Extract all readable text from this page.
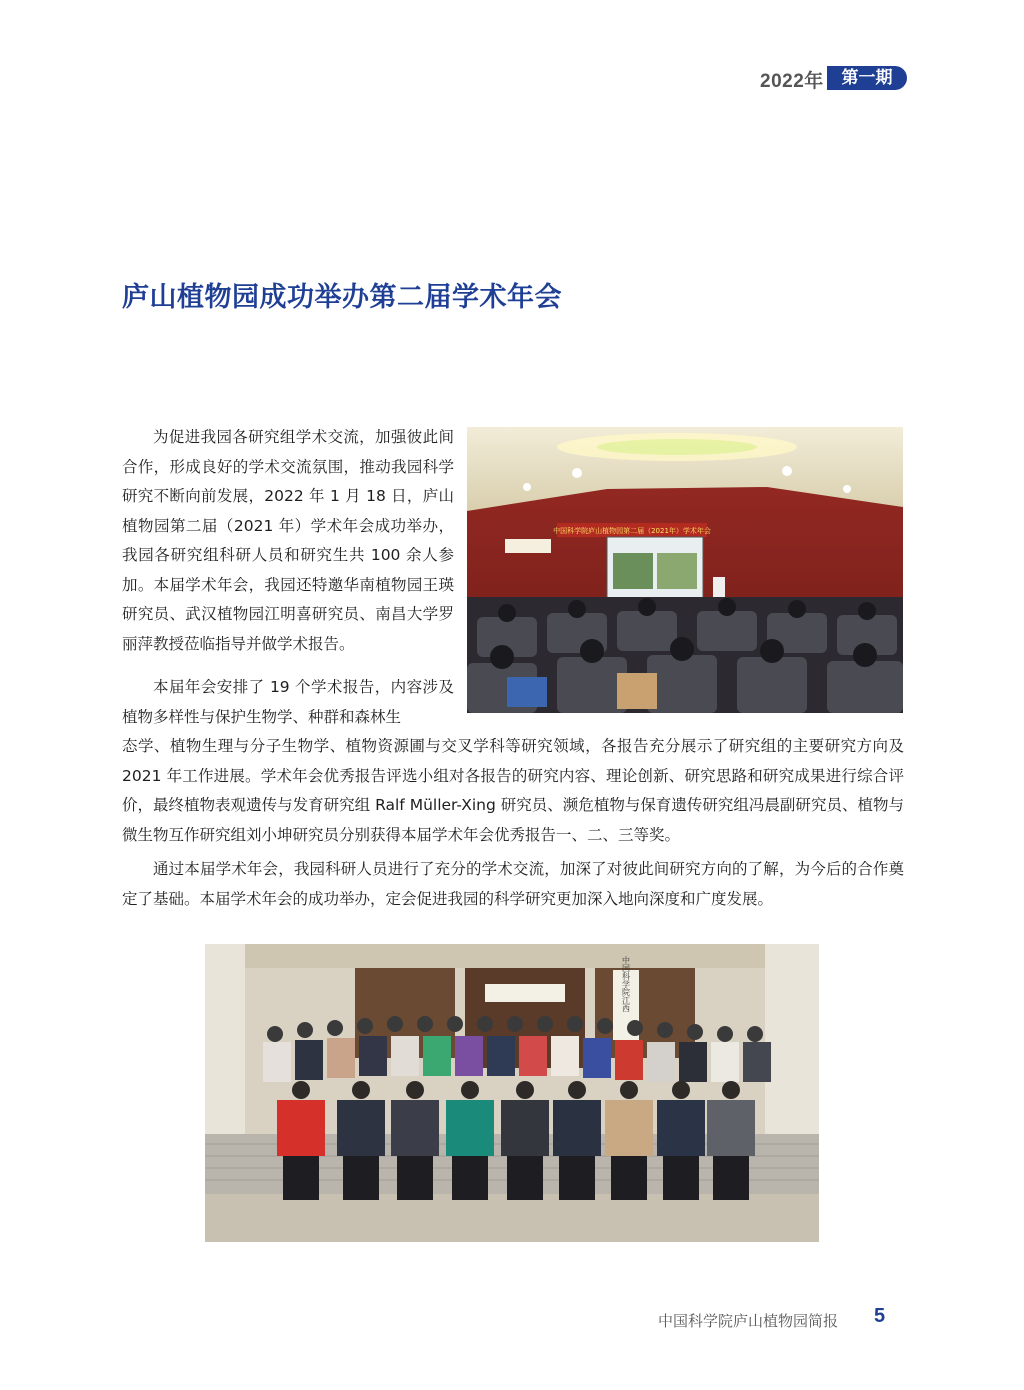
2022年	第一期
庐山植物园成功举办第二届学术年会

为促进我园各研究组学术交流，加强彼此间合作，形成良好的学术交流氛围，推动我园科学研究不断向前发展，2022 年 1 月 18 日，庐山植物园第二届（2021 年）学术年会成功举办，我园各研究组科研人员和研究生共 100 余人参加。本届学术年会，我园还特邀华南植物园王瑛研究员、武汉植物园江明喜研究员、南昌大学罗丽萍教授莅临指导并做学术报告。

中国科学院庐山植物园第二届（2021年）学术年会

本届年会安排了 19 个学术报告，内容涉及植物多样性与保护生物学、种群和森林生

态学、植物生理与分子生物学、植物资源圃与交叉学科等研究领域，各报告充分展示了研究组的主要研究方向及 2021 年工作进展。学术年会优秀报告评选小组对各报告的研究内容、理论创新、研究思路和研究成果进行综合评价，最终植物表观遗传与发育研究组 Ralf Müller-Xing 研究员、濒危植物与保育遗传研究组冯晨副研究员、植物与微生物互作研究组刘小坤研究员分别获得本届学术年会优秀报告一、二、三等奖。

通过本届学术年会，我园科研人员进行了充分的学术交流，加深了对彼此间研究方向的了解，为今后的合作奠定了基础。本届学术年会的成功举办，定会促进我园的科学研究更加深入地向深度和广度发展。

中国科学院江西
中国科学院庐山植物园简报 5
